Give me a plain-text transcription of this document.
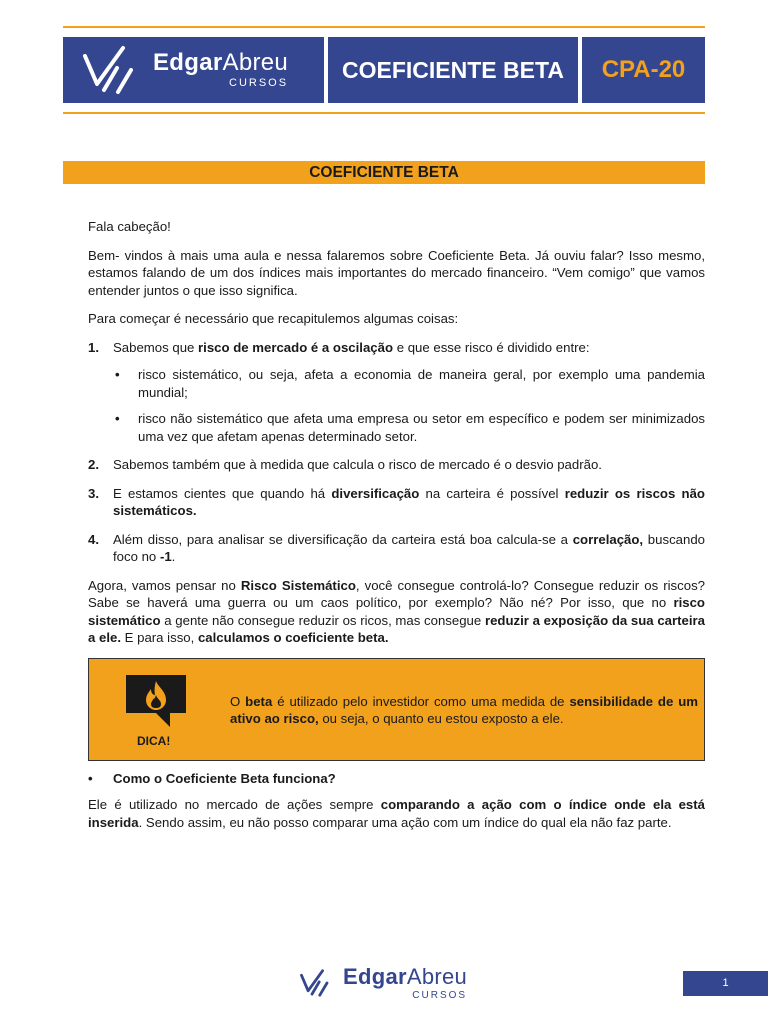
EdgarAbreu
CURSOS
COEFICIENTE BETA	CPA-20
COEFICIENTE BETA

Fala cabeção!

Bem- vindos à mais uma aula e nessa falaremos sobre Coeficiente Beta. Já ouviu falar? Isso mesmo, estamos falando de um dos índices mais importantes do mercado financeiro. “Vem comigo” que vamos entender juntos o que isso significa.

Para começar é necessário que recapitulemos algumas coisas:

1. Sabemos que risco de mercado é a oscilação e que esse risco é dividido entre:
• risco sistemático, ou seja, afeta a economia de maneira geral, por exemplo uma pandemia mundial;
• risco não sistemático que afeta uma empresa ou setor em específico e podem ser minimizados uma vez que afetam apenas determinado setor.
2. Sabemos também que à medida que calcula o risco de mercado é o desvio padrão.
3. E estamos cientes que quando há diversificação na carteira é possível reduzir os riscos não sistemáticos.
4. Além disso, para analisar se diversificação da carteira está boa calcula-se a correlação, buscando foco no -1.

Agora, vamos pensar no Risco Sistemático, você consegue controlá-lo? Consegue reduzir os riscos? Sabe se haverá uma guerra ou um caos político, por exemplo? Não né? Por isso, que no risco sistemático a gente não consegue reduzir os ricos, mas consegue reduzir a exposição da sua carteira a ele. E para isso, calculamos o coeficiente beta.

DICA!
O beta é utilizado pelo investidor como uma medida de sensibilidade de um ativo ao risco, ou seja, o quanto eu estou exposto a ele.
• Como o Coeficiente Beta funciona?

Ele é utilizado no mercado de ações sempre comparando a ação com o índice onde ela está inserida. Sendo assim, eu não posso comparar uma ação com um índice do qual ela não faz parte.

EdgarAbreu
CURSOS
1
